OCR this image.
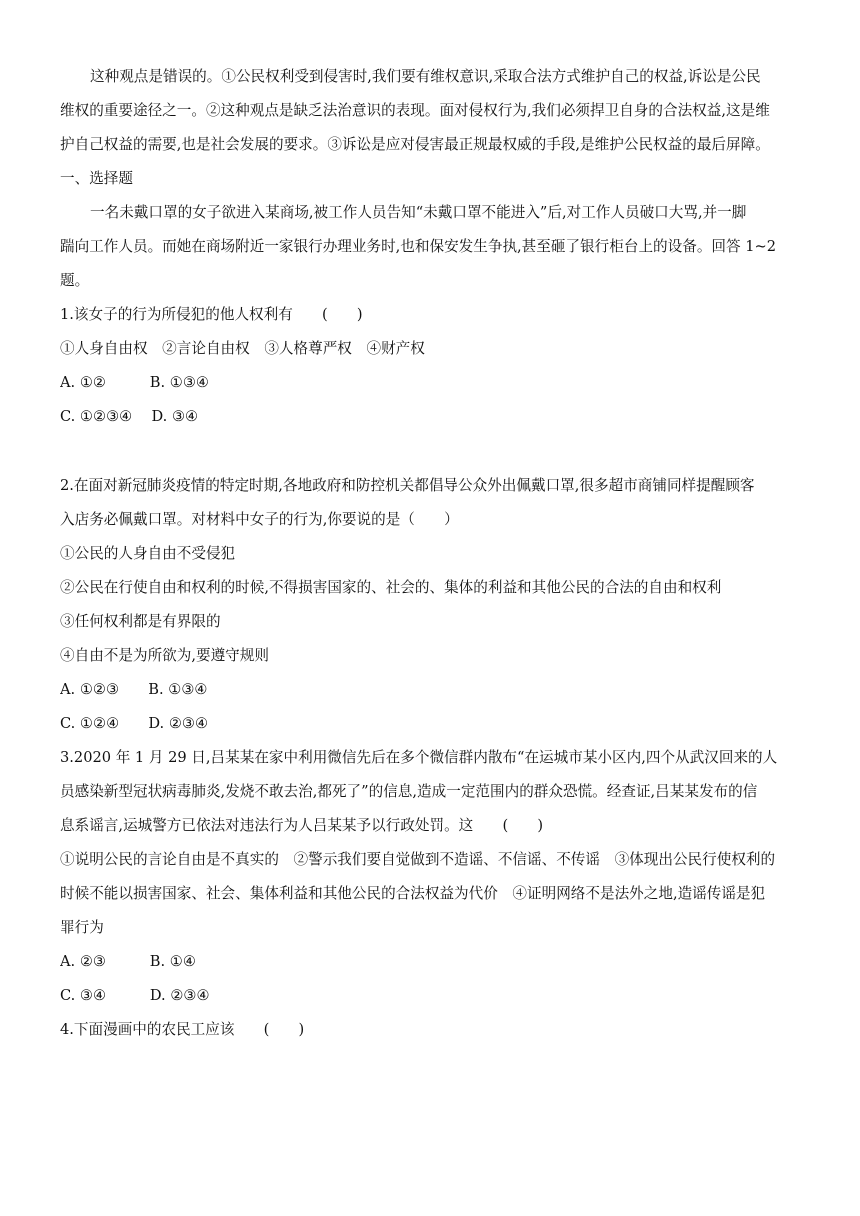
这种观点是错误的。①公民权利受到侵害时,我们要有维权意识,采取合法方式维护自己的权益,诉讼是公民
维权的重要途径之一。②这种观点是缺乏法治意识的表现。面对侵权行为,我们必须捍卫自身的合法权益,这是维
护自己权益的需要,也是社会发展的要求。③诉讼是应对侵害最正规最权威的手段,是维护公民权益的最后屏障。
一、选择题
一名未戴口罩的女子欲进入某商场,被工作人员告知“未戴口罩不能进入”后,对工作人员破口大骂,并一脚
踹向工作人员。而她在商场附近一家银行办理业务时,也和保安发生争执,甚至砸了银行柜台上的设备。回答 1~2
题。
1.该女子的行为所侵犯的他人权利有　　(　　)
①人身自由权　②言论自由权　③人格尊严权　④财产权
A. ①②　　　B. ①③④
C. ①②③④　 D. ③④
2.在面对新冠肺炎疫情的特定时期,各地政府和防控机关都倡导公众外出佩戴口罩,很多超市商铺同样提醒顾客
入店务必佩戴口罩。对材料中女子的行为,你要说的是（　　）
①公民的人身自由不受侵犯
②公民在行使自由和权利的时候,不得损害国家的、社会的、集体的利益和其他公民的合法的自由和权利
③任何权利都是有界限的
④自由不是为所欲为,要遵守规则
A. ①②③　　B. ①③④
C. ①②④　　D. ②③④
3.2020 年 1 月 29 日,吕某某在家中利用微信先后在多个微信群内散布“在运城市某小区内,四个从武汉回来的人
员感染新型冠状病毒肺炎,发烧不敢去治,都死了”的信息,造成一定范围内的群众恐慌。经查证,吕某某发布的信
息系谣言,运城警方已依法对违法行为人吕某某予以行政处罚。这　　(　　)
①说明公民的言论自由是不真实的　②警示我们要自觉做到不造谣、不信谣、不传谣　③体现出公民行使权利的
时候不能以损害国家、社会、集体利益和其他公民的合法权益为代价　④证明网络不是法外之地,造谣传谣是犯
罪行为
A. ②③　　　B. ①④
C. ③④　　　D. ②③④
4.下面漫画中的农民工应该　　(　　)
